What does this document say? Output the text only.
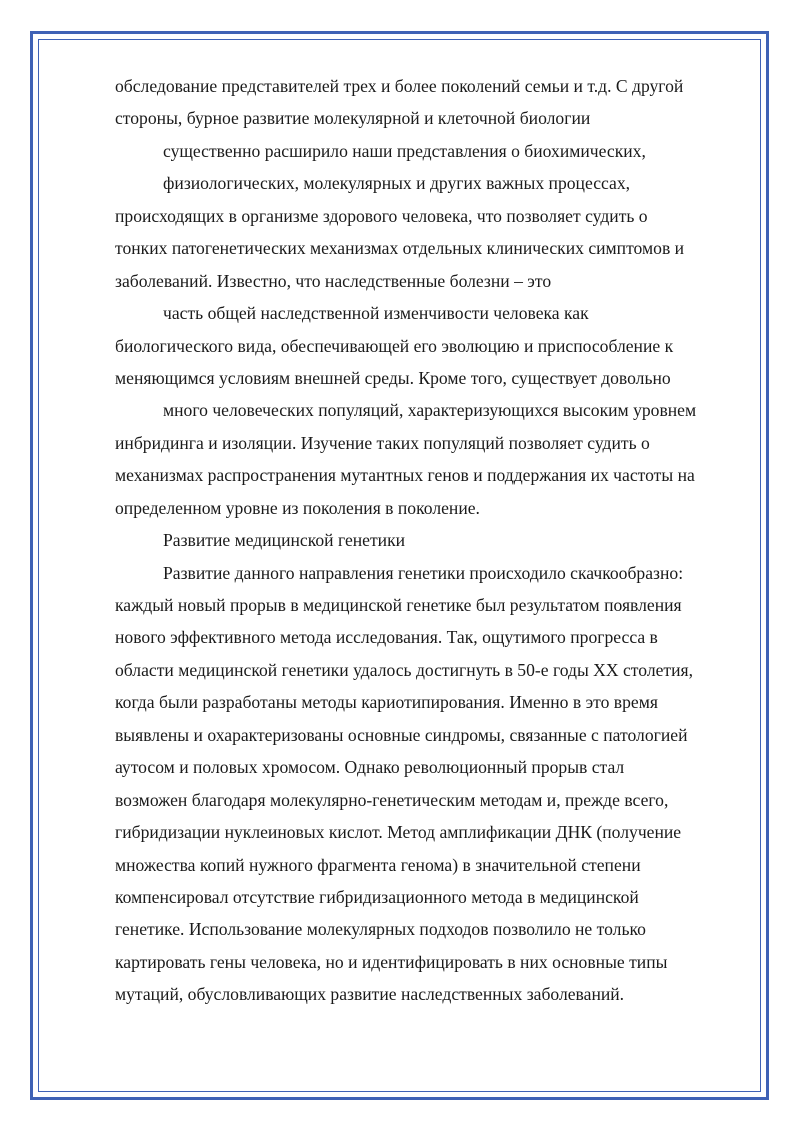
обследование представителей трех и более поколений семьи и т.д. С другой
стороны, бурное развитие молекулярной и клеточной биологии
существенно расширило наши представления о биохимических,
физиологических, молекулярных и других важных процессах,
происходящих в организме здорового человека, что позволяет судить о
тонких патогенетических механизмах отдельных клинических симптомов и
заболеваний. Известно, что наследственные болезни – это
часть общей наследственной изменчивости человека как
биологического вида, обеспечивающей его эволюцию и приспособление к
меняющимся условиям внешней среды. Кроме того, существует довольно
много человеческих популяций, характеризующихся высоким уровнем
инбридинга и изоляции. Изучение таких популяций позволяет судить о
механизмах распространения мутантных генов и поддержания их частоты на
определенном уровне из поколения в поколение.
Развитие медицинской генетики
Развитие данного направления генетики происходило скачкообразно:
каждый новый прорыв в медицинской генетике был результатом появления
нового эффективного метода исследования. Так, ощутимого прогресса в
области медицинской генетики удалось достигнуть в 50-е годы XX столетия,
когда были разработаны методы кариотипирования. Именно в это время
выявлены и охарактеризованы основные синдромы, связанные с патологией
аутосом и половых хромосом. Однако революционный прорыв стал
возможен благодаря молекулярно-генетическим методам и, прежде всего,
гибридизации нуклеиновых кислот. Метод амплификации ДНК (получение
множества копий нужного фрагмента генома) в значительной степени
компенсировал отсутствие гибридизационного метода в медицинской
генетике. Использование молекулярных подходов позволило не только
картировать гены человека, но и идентифицировать в них основные типы
мутаций, обусловливающих развитие наследственных заболеваний.
